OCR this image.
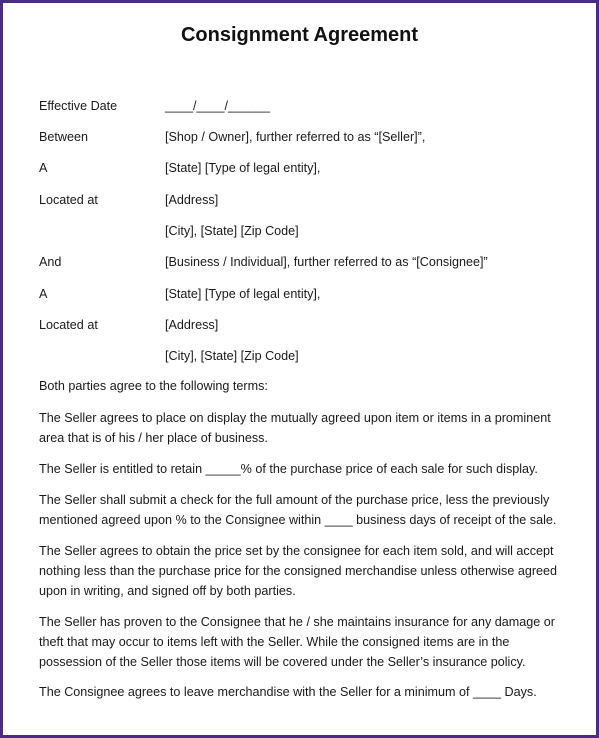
Consignment Agreement
Effective Date	____/____/______
Between	[Shop / Owner], further referred to as “[Seller]”,
A	[State] [Type of legal entity],
Located at	[Address]
[City], [State] [Zip Code]
And	[Business / Individual], further referred to as “[Consignee]”
A	[State] [Type of legal entity],
Located at	[Address]
[City], [State] [Zip Code]
Both parties agree to the following terms:
The Seller agrees to place on display the mutually agreed upon item or items in a prominent area that is of his / her place of business.
The Seller is entitled to retain _____% of the purchase price of each sale for such display.
The Seller shall submit a check for the full amount of the purchase price, less the previously mentioned agreed upon % to the Consignee within ____ business days of receipt of the sale.
The Seller agrees to obtain the price set by the consignee for each item sold, and will accept nothing less than the purchase price for the consigned merchandise unless otherwise agreed upon in writing, and signed off by both parties.
The Seller has proven to the Consignee that he / she maintains insurance for any damage or theft that may occur to items left with the Seller. While the consigned items are in the possession of the Seller those items will be covered under the Seller’s insurance policy.
The Consignee agrees to leave merchandise with the Seller for a minimum of ____ Days.
